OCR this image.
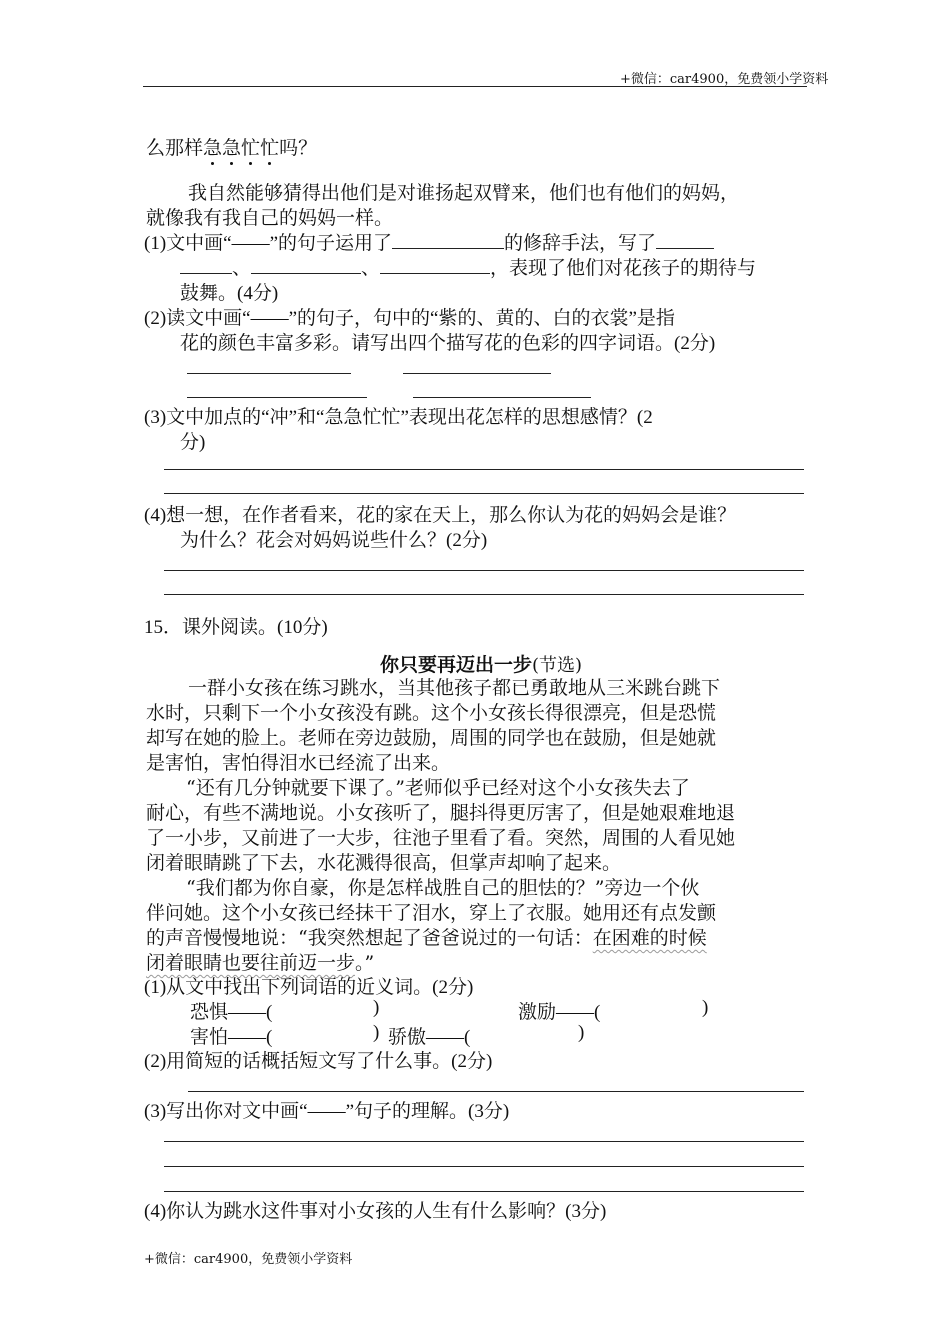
+微信：car4900，免费领小学资料
么那样急急忙忙吗？
我自然能够猜得出他们是对谁扬起双臂来，他们也有他们的妈妈，
就像我有我自己的妈妈一样。
(1)文中画“——”的句子运用了	的修辞手法，写了
、	、	，表现了他们对花孩子的期待与
鼓舞。(4分)
(2)读文中画“——”的句子，句中的“紫的、黄的、白的衣裳”是指
花的颜色丰富多彩。请写出四个描写花的色彩的四字词语。(2分)
(3)文中加点的“冲”和“急急忙忙”表现出花怎样的思想感情？(2
分)
(4)想一想，在作者看来，花的家在天上，那么你认为花的妈妈会是谁？
为什么？花会对妈妈说些什么？(2分)
15．课外阅读。(10分)
你只要再迈出一步(节选)
一群小女孩在练习跳水，当其他孩子都已勇敢地从三米跳台跳下
水时，只剩下一个小女孩没有跳。这个小女孩长得很漂亮，但是恐慌
却写在她的脸上。老师在旁边鼓励，周围的同学也在鼓励，但是她就
是害怕，害怕得泪水已经流了出来。
“还有几分钟就要下课了。”老师似乎已经对这个小女孩失去了
耐心，有些不满地说。小女孩听了，腿抖得更厉害了，但是她艰难地退
了一小步，又前进了一大步，往池子里看了看。突然，周围的人看见她
闭着眼睛跳了下去，水花溅得很高，但掌声却响了起来。
“我们都为你自豪，你是怎样战胜自己的胆怯的？”旁边一个伙
伴问她。这个小女孩已经抹干了泪水，穿上了衣服。她用还有点发颤
的声音慢慢地说：“我突然想起了爸爸说过的一句话：在困难的时候
闭着眼睛也要往前迈一步。”
(1)从文中找出下列词语的近义词。(2分)
恐惧——(	)	激励——(	)
害怕——(	) 骄傲——(	)
(2)用简短的话概括短文写了什么事。(2分)
(3)写出你对文中画“——”句子的理解。(3分)
(4)你认为跳水这件事对小女孩的人生有什么影响？(3分)
+微信：car4900，免费领小学资料
